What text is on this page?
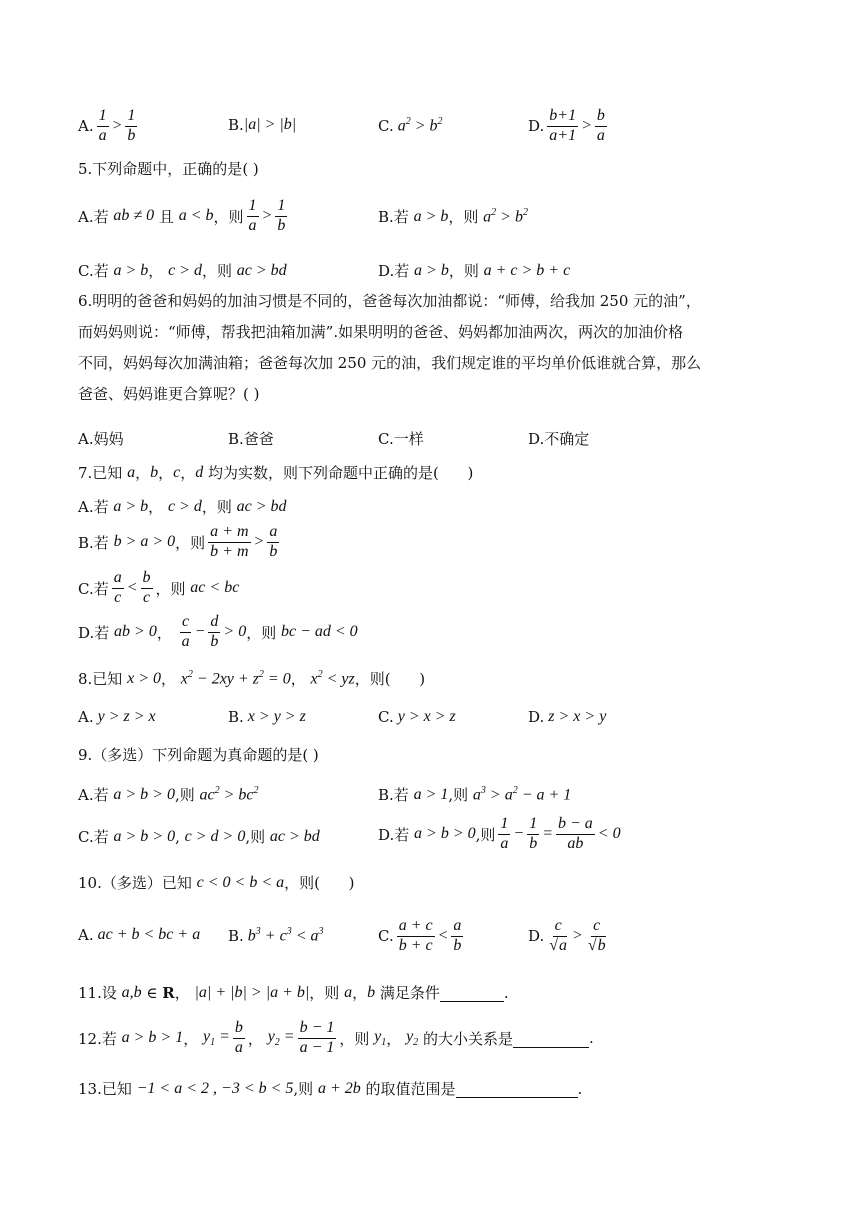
A. $\frac{1}{a} > \frac{1}{b}$	B. |a| > |b|	C. $a^2 > b^2$	D. $\frac{b+1}{a+1} > \frac{b}{a}$
5.下列命题中，正确的是( )
A.若 ab ≠ 0 且 a < b ，则 $\frac{1}{a} > \frac{1}{b}$	B.若 a > b ，则 $a^2 > b^2$
C.若 a > b ， c > d ，则 ac > bd	D.若 a > b ，则 a + c > b + c
6.明明的爸爸和妈妈的加油习惯是不同的，爸爸每次加油都说：“师傅，给我加 250 元的油”，
而妈妈则说：“师傅，帮我把油箱加满”.如果明明的爸爸、妈妈都加油两次，两次的加油价格
不同，妈妈每次加满油箱；爸爸每次加 250 元的油，我们规定谁的平均单价低谁就合算，那么
爸爸、妈妈谁更合算呢？( )
A.妈妈	B.爸爸	C.一样	D.不确定
7.已知 a ， b ， c ， d 均为实数，则下列命题中正确的是(      )
A.若 a > b ， c > d ，则 ac > bd
B.若 b > a > 0 ，则 $\frac{a + m}{b + m} > \frac{a}{b}$
C.若 $\frac{a}{c} < \frac{b}{c}$ ，则 ac < bc
D.若 ab > 0 ， $\frac{c}{a} - \frac{d}{b} > 0$ ，则 bc − ad < 0
8.已知 x > 0 ， $x^2 - 2xy + z^2 = 0$ ， $x^2$ < yz ，则(      )
A. y > z > x	B. x > y > z	C. y > x > z	D. z > x > y
9.（多选）下列命题为真命题的是( )
A.若 a > b > 0 ,则 $ac^2 > bc^2$	B.若 a > 1 ,则 $a^3 > a^2 - a + 1$
C.若 a > b > 0 , c > d > 0 ,则 ac > bd	D.若 a > b > 0 ,则 $\frac{1}{a} - \frac{1}{b} = \frac{b - a}{ab} < 0$
10.（多选）已知 c < 0 < b < a ，则(      )
A. ac + b < bc + a B. $b^3 + c^3 < a^3$	C. $\frac{a + c}{b + c} < \frac{a}{b}$	D. $\frac{c}{√a} > \frac{c}{√b}$
11.设 a,b ∈ R ， |a| + |b| > |a + b| ，则 a ， b 满足条件
	.
12.若 a > b > 1 ， $y_1 = \frac{b}{a}$ ， $y_2 = \frac{b - 1}{a - 1}$ ，则 $y_1$ ， $y_2$ 的大小关系是
	.
13.已知 −1 < a < 2 , −3 < b < 5 ,则 a + 2b 的取值范围是
	.
